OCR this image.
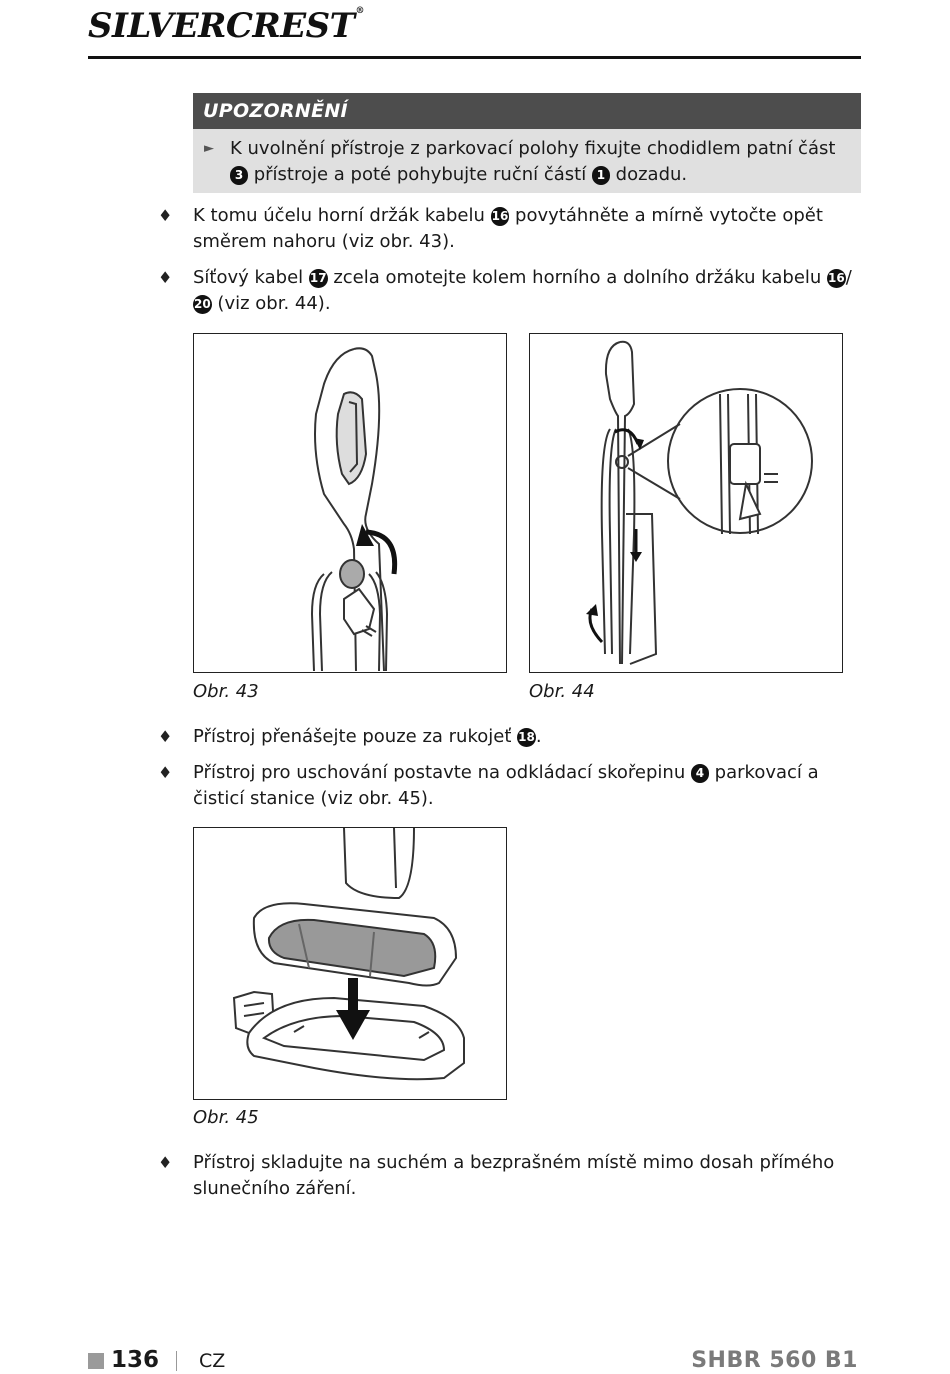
SILVERCREST®
UPOZORNĚNÍ
► K uvolnění přístroje z parkovací polohy fixujte chodidlem patní část 3 přístroje a poté pohybujte ruční částí 1 dozadu.
♦ K tomu účelu horní držák kabelu 16 povytáhněte a mírně vytočte opět směrem nahoru (viz obr. 43).
♦ Síťový kabel 17 zcela omotejte kolem horního a dolního držáku kabelu 16/20 (viz obr. 44).
Obr. 43	Obr. 44
♦ Přístroj přenášejte pouze za rukojeť 18.
♦ Přístroj pro uschování postavte na odkládací skořepinu 4 parkovací a čisticí stanice (viz obr. 45).
Obr. 45
♦ Přístroj skladujte na suchém a bezprašném místě mimo dosah přímého slunečního záření.
136 CZ	SHBR 560 B1
